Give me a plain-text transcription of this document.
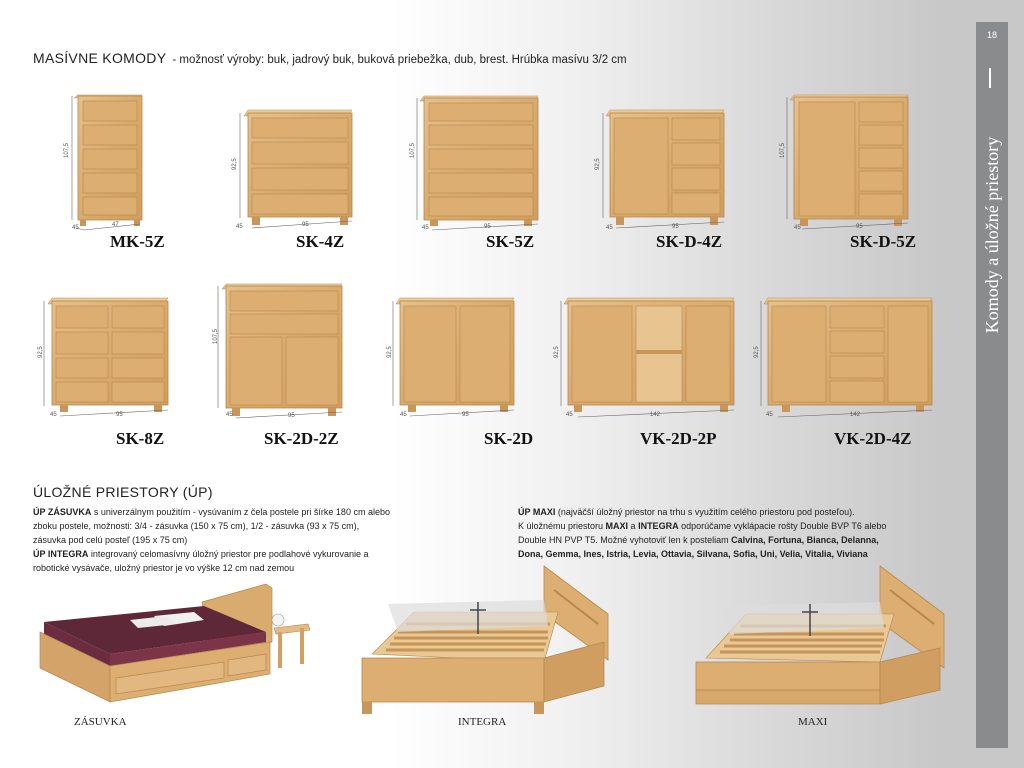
18
Komody a úložné priestory
MASÍVNE KOMODY - možnosť výroby: buk, jadrový buk, buková priebežka, dub, brest. Hrúbka masívu 3/2 cm
107,5
47
45
MK-5Z
92,5
95
45
SK-4Z
107,5
95
45
SK-5Z
92,5
95
45
SK-D-4Z
107,5
95
45
SK-D-5Z
92,5
95
45
SK-8Z
107,5
95
45
SK-2D-2Z
92,5
95
45
SK-2D
92,5
142
45
VK-2D-2P
92,5
142
45
VK-2D-4Z
ÚLOŽNÉ PRIESTORY (ÚP)
ÚP ZÁSUVKA s univerzálnym použitím - vysúvaním z čela postele pri šírke 180 cm alebo
zboku postele, možnosti: 3/4 - zásuvka (150 x 75 cm), 1/2 - zásuvka (93 x 75 cm),
zásuvka pod celú posteľ (195 x 75 cm)
ÚP INTEGRA integrovaný celomasívny úložný priestor pre podlahové vykurovanie a
robotické vysávače, uložný priestor je vo výške 12 cm nad zemou
ÚP MAXI (najväčší úložný priestor na trhu s využitím celého priestoru pod posteľou).
K úložnému priestoru MAXI a INTEGRA odporúčame vyklápacie rošty Double BVP T6 alebo
Double HN PVP T5. Možné vyhotoviť len k posteliam Calvina, Fortuna, Bianca, Delanna,
Dona, Gemma, Ines, Istria, Levia, Ottavia, Silvana, Sofia, Uni, Velia, Vitalia, Viviana
ZÁSUVKA	INTEGRA	MAXI
